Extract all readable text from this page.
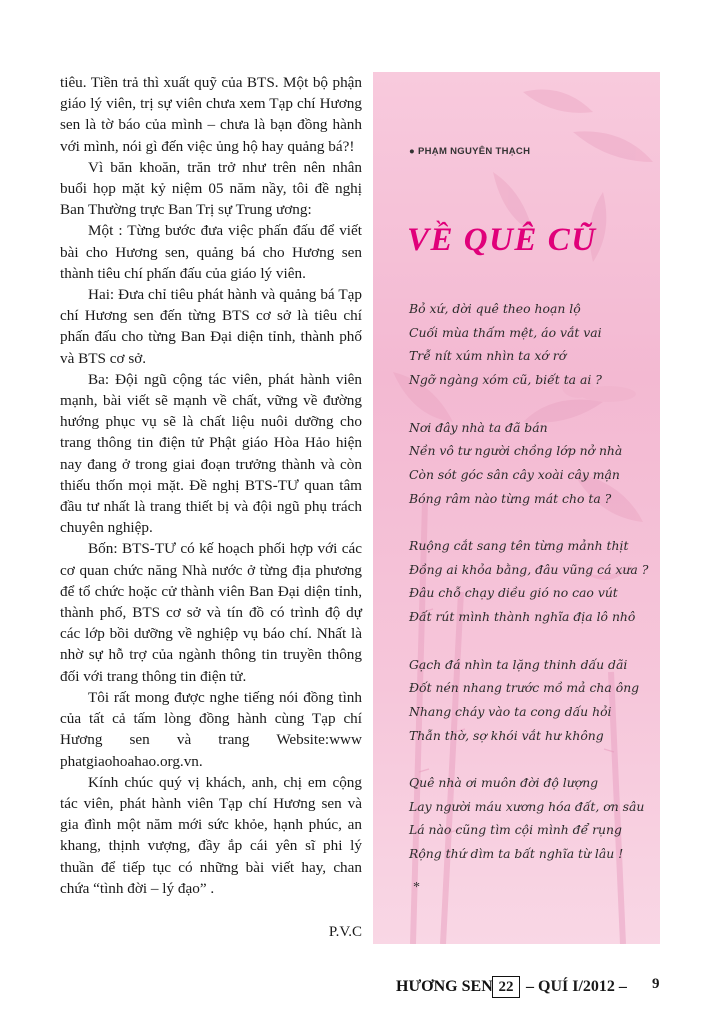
tiêu. Tiền trả thì xuất quỹ của BTS. Một bộ phận giáo lý viên, trị sự viên chưa xem Tạp chí Hương sen là tờ báo của mình – chưa là bạn đồng hành với mình, nói gì đến việc ủng hộ hay quảng bá?!

Vì băn khoăn, trăn trở như trên nên nhân buổi họp mặt kỷ niệm 05 năm nầy, tôi đề nghị Ban Thường trực Ban Trị sự Trung ương:

Một : Từng bước đưa việc phấn đấu để viết bài cho Hương sen, quảng bá cho Hương sen thành tiêu chí phấn đấu của giáo lý viên.

Hai: Đưa chỉ tiêu phát hành và quảng bá Tạp chí Hương sen đến từng BTS cơ sở là tiêu chí phấn đấu cho từng Ban Đại diện tỉnh, thành phố và BTS cơ sở.

Ba: Đội ngũ cộng tác viên, phát hành viên mạnh, bài viết sẽ mạnh về chất, vững về đường hướng phục vụ sẽ là chất liệu nuôi dưỡng cho trang thông tin điện tử Phật giáo Hòa Hảo hiện nay đang ở trong giai đoạn trưởng thành và còn thiếu thốn mọi mặt. Đề nghị BTS-TƯ quan tâm đầu tư nhất là trang thiết bị và đội ngũ phụ trách chuyên nghiệp.

Bốn: BTS-TƯ có kế hoạch phối hợp với các cơ quan chức năng Nhà nước ở từng địa phương để tổ chức hoặc cử thành viên Ban Đại diện tỉnh, thành phố, BTS cơ sở và tín đồ có trình độ dự các lớp bồi dưỡng về nghiệp vụ báo chí. Nhất là nhờ sự hỗ trợ của ngành thông tin truyền thông đối với trang thông tin điện tử.

Tôi rất mong được nghe tiếng nói đồng tình của tất cả tấm lòng đồng hành cùng Tạp chí Hương sen và trang Website:www phatgiaohoahao.org.vn.

Kính chúc quý vị khách, anh, chị em cộng tác viên, phát hành viên Tạp chí Hương sen và gia đình một năm mới sức khỏe, hạnh phúc, an khang, thịnh vượng, đầy ắp cái yên sĩ phi lý thuần để tiếp tục có những bài viết hay, chan chứa “tình đời – lý đạo” .

P.V.C
● PHẠM NGUYÊN THẠCH
VỀ QUÊ CŨ
Bỏ xứ, dời quê theo hoạn lộ
Cuối mùa thấm mệt, áo vắt vai
Trễ nít xúm nhìn ta xớ rớ
Ngỡ ngàng xóm cũ, biết ta ai ?
Nơi đây nhà ta đã bán
Nền vô tư người chồng lớp nở nhà
Còn sót góc sân cây xoài cây mận
Bóng râm nào từng mát cho ta ?
Ruộng cắt sang tên từng mảnh thịt
Đồng ai khỏa bằng, đâu vũng cá xưa ?
Đâu chỗ chạy diều gió no cao vút
Đất rút mình thành nghĩa địa lô nhô
Gạch đá nhìn ta lặng thinh dấu dãi
Đốt nén nhang trước mồ mả cha ông
Nhang cháy vào ta cong dấu hỏi
Thẫn thờ, sợ khói vắt hư không
Quê nhà ơi muôn đời độ lượng
Lay người máu xương hóa đất, ơn sâu
Lá nào cũng tìm cội mình để rụng
Rộng thứ dìm ta bất nghĩa từ lâu !
*
HƯƠNG SEN 22 – QUÍ I/2012 – 9
